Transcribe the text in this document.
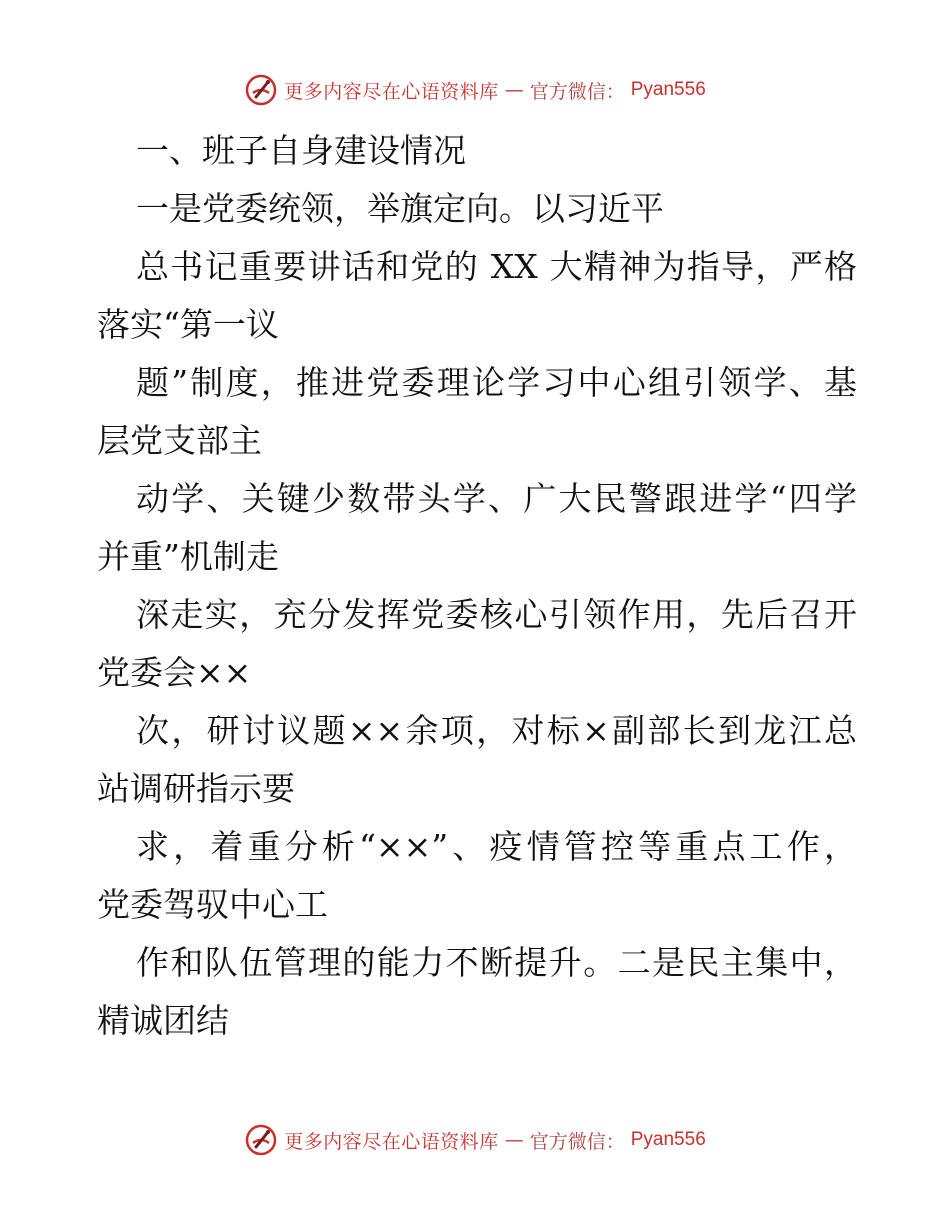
更多内容尽在心语资料库 — 官方微信： Pyan556
一、班子自身建设情况
一是党委统领，举旗定向。以习近平
总书记重要讲话和党的 XX 大精神为指导，严格
落实“第一议
题”制度，推进党委理论学习中心组引领学、基
层党支部主
动学、关键少数带头学、广大民警跟进学“四学
并重”机制走
深走实，充分发挥党委核心引领作用，先后召开
党委会××
次，研讨议题××余项，对标×副部长到龙江总
站调研指示要
求，着重分析“××”、疫情管控等重点工作，
党委驾驭中心工
作和队伍管理的能力不断提升。二是民主集中，
精诚团结
更多内容尽在心语资料库 — 官方微信： Pyan556
